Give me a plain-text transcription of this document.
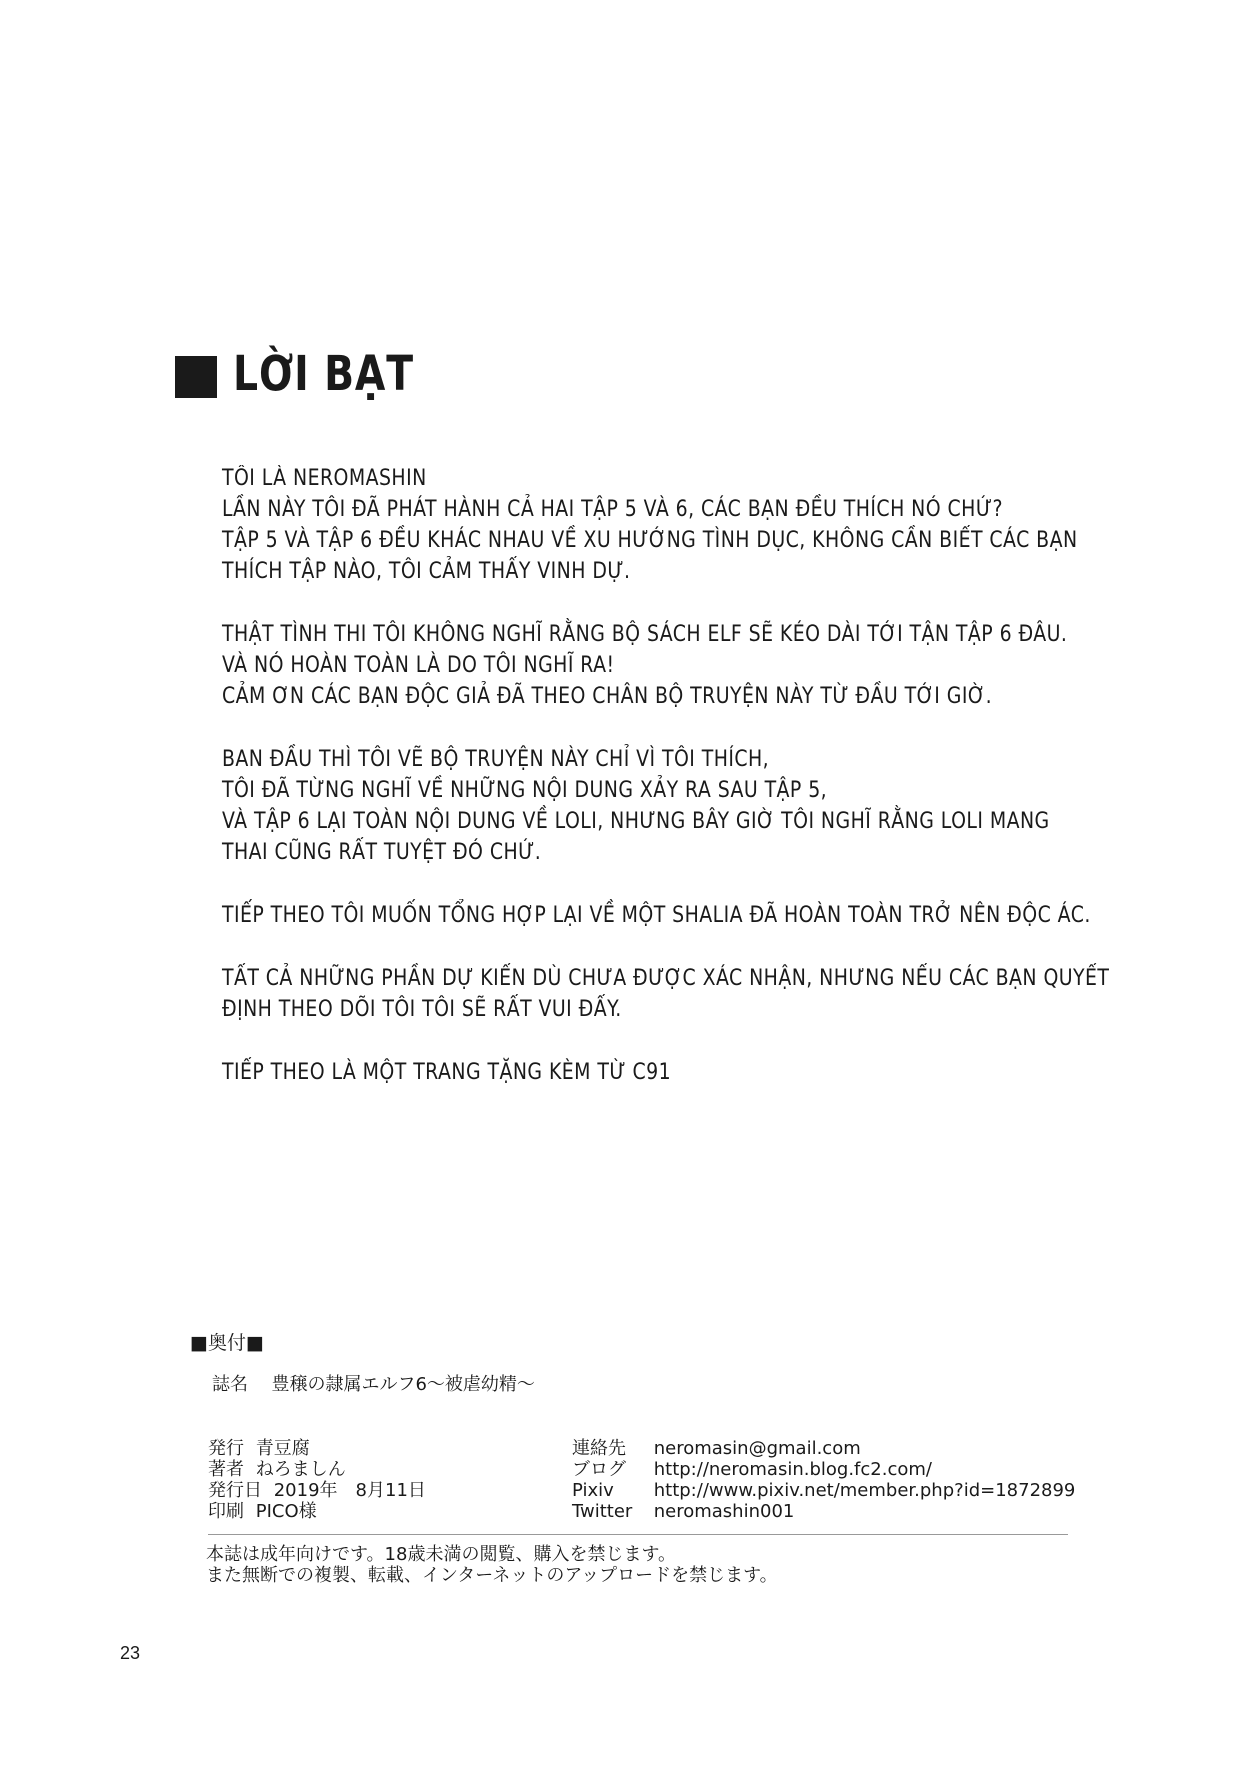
LỜI BẠT
TÔI LÀ NEROMASHIN
LẦN NÀY TÔI ĐÃ PHÁT HÀNH CẢ HAI TẬP 5 VÀ 6, CÁC BẠN ĐỀU THÍCH NÓ CHỨ?
TẬP 5 VÀ TẬP 6 ĐỀU KHÁC NHAU VỀ XU HƯỚNG TÌNH DỤC, KHÔNG CẦN BIẾT CÁC BẠN
THÍCH TẬP NÀO, TÔI CẢM THẤY VINH DỰ.
THẬT TÌNH THI TÔI KHÔNG NGHĨ RẰNG BỘ SÁCH ELF SẼ KÉO DÀI TỚI TẬN TẬP 6 ĐÂU.
VÀ NÓ HOÀN TOÀN LÀ DO TÔI NGHĨ RA!
CẢM ƠN CÁC BẠN ĐỘC GIẢ ĐÃ THEO CHÂN BỘ TRUYỆN NÀY TỪ ĐẦU TỚI GIỜ.
BAN ĐẦU THÌ TÔI VẼ BỘ TRUYỆN NÀY CHỈ VÌ TÔI THÍCH,
TÔI ĐÃ TỪNG NGHĨ VỀ NHỮNG NỘI DUNG XẢY RA SAU TẬP 5,
VÀ TẬP 6 LẠI TOÀN NỘI DUNG VỀ LOLI, NHƯNG BÂY GIỜ TÔI NGHĨ RẰNG LOLI MANG
THAI CŨNG RẤT TUYỆT ĐÓ CHỨ.
TIẾP THEO TÔI MUỐN TỔNG HỢP LẠI VỀ MỘT SHALIA ĐÃ HOÀN TOÀN TRỞ NÊN ĐỘC ÁC.
TẤT CẢ NHỮNG PHẦN DỰ KIẾN DÙ CHƯA ĐƯỢC XÁC NHẬN, NHƯNG NẾU CÁC BẠN QUYẾT
ĐỊNH THEO DÕI TÔI TÔI SẼ RẤT VUI ĐẤY.
TIẾP THEO LÀ MỘT TRANG TẶNG KÈM TỪ C91
■奥付■
誌名 豊穣の隷属エルフ6～被虐幼精～
発行 青豆腐
著者 ねろましん
発行日 2019年　8月11日
印刷 PICO様
連絡先 neromasin@gmail.com
ブログ http://neromasin.blog.fc2.com/
Pixiv http://www.pixiv.net/member.php?id=1872899
Twitter neromashin001
本誌は成年向けです。18歳未満の閲覧、購入を禁じます。
また無断での複製、転載、インターネットのアップロードを禁じます。
23
